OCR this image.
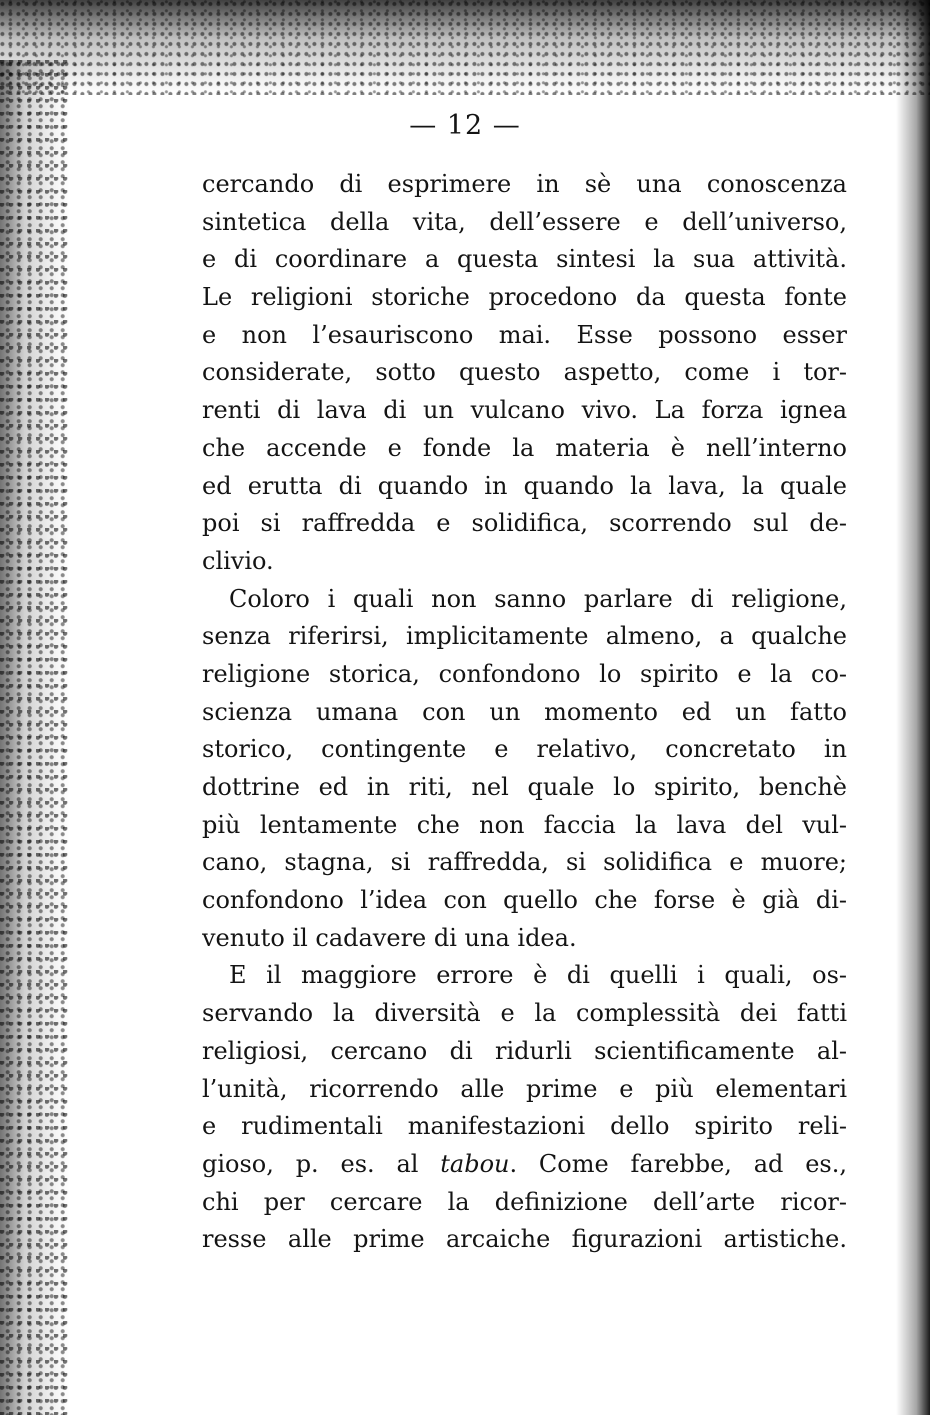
— 12 —
cercando di esprimere in sè una conoscenza
sintetica della vita, dell’essere e dell’universo,
e di coordinare a questa sintesi la sua attività.
Le religioni storiche procedono da questa fonte
e non l’esauriscono mai. Esse possono esser
considerate, sotto questo aspetto, come i tor-
renti di lava di un vulcano vivo. La forza ignea
che accende e fonde la materia è nell’interno
ed erutta di quando in quando la lava, la quale
poi si raffredda e solidifica, scorrendo sul de-
clivio.
Coloro i quali non sanno parlare di religione,
senza riferirsi, implicitamente almeno, a qualche
religione storica, confondono lo spirito e la co-
scienza umana con un momento ed un fatto
storico, contingente e relativo, concretato in
dottrine ed in riti, nel quale lo spirito, benchè
più lentamente che non faccia la lava del vul-
cano, stagna, si raffredda, si solidifica e muore;
confondono l’idea con quello che forse è già di-
venuto il cadavere di una idea.
E il maggiore errore è di quelli i quali, os-
servando la diversità e la complessità dei fatti
religiosi, cercano di ridurli scientificamente al-
l’unità, ricorrendo alle prime e più elementari
e rudimentali manifestazioni dello spirito reli-
gioso, p. es. al tabou. Come farebbe, ad es.,
chi per cercare la definizione dell’arte ricor-
resse alle prime arcaiche figurazioni artistiche.
